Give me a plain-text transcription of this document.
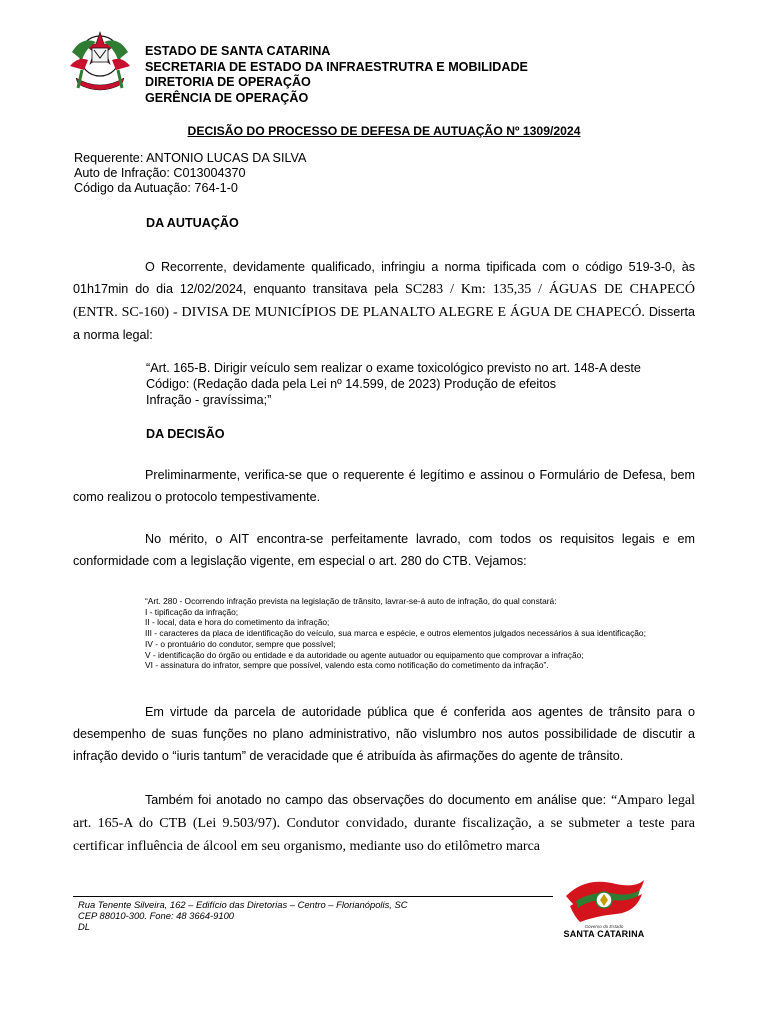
ESTADO DE SANTA CATARINA
SECRETARIA DE ESTADO DA INFRAESTRUTRA E MOBILIDADE
DIRETORIA DE OPERAÇÃO
GERÊNCIA DE OPERAÇÃO
DECISÃO DO PROCESSO DE DEFESA DE AUTUAÇÃO Nº 1309/2024
Requerente: ANTONIO LUCAS DA SILVA
Auto de Infração: C013004370
Código da Autuação: 764-1-0
DA AUTUAÇÃO
O Recorrente, devidamente qualificado, infringiu a norma tipificada com o código 519-3-0, às 01h17min do dia 12/02/2024, enquanto transitava pela SC283 / Km: 135,35 / ÁGUAS DE CHAPECÓ (ENTR. SC-160) - DIVISA DE MUNICÍPIOS DE PLANALTO ALEGRE E ÁGUA DE CHAPECÓ. Disserta a norma legal:
“Art. 165-B. Dirigir veículo sem realizar o exame toxicológico previsto no art. 148-A deste
Código: (Redação dada pela Lei nº 14.599, de 2023) Produção de efeitos
Infração - gravíssima;”
DA DECISÃO
Preliminarmente, verifica-se que o requerente é legítimo e assinou o Formulário de Defesa, bem como realizou o protocolo tempestivamente.
No mérito, o AIT encontra-se perfeitamente lavrado, com todos os requisitos legais e em conformidade com a legislação vigente, em especial o art. 280 do CTB. Vejamos:
“Art. 280 - Ocorrendo infração prevista na legislação de trânsito, lavrar-se-á auto de infração, do qual constará:
I - tipificação da infração;
II - local, data e hora do cometimento da infração;
III - caracteres da placa de identificação do veículo, sua marca e espécie, e outros elementos julgados necessários à sua identificação;
IV - o prontuário do condutor, sempre que possível;
V - identificação do órgão ou entidade e da autoridade ou agente autuador ou equipamento que comprovar a infração;
VI - assinatura do infrator, sempre que possível, valendo esta como notificação do cometimento da infração”.
Em virtude da parcela de autoridade pública que é conferida aos agentes de trânsito para o desempenho de suas funções no plano administrativo, não vislumbro nos autos possibilidade de discutir a infração devido o “iuris tantum” de veracidade que é atribuída às afirmações do agente de trânsito.
Também foi anotado no campo das observações do documento em análise que: “Amparo legal art. 165-A do CTB (Lei 9.503/97). Condutor convidado, durante fiscalização, a se submeter a teste para certificar influência de álcool em seu organismo, mediante uso do etilômetro marca
Rua Tenente Silveira, 162 – Edifício das Diretorias – Centro – Florianópolis, SC
CEP 88010-300. Fone: 48 3664-9100
DL	Governo do Estado
SANTA CATARINA
